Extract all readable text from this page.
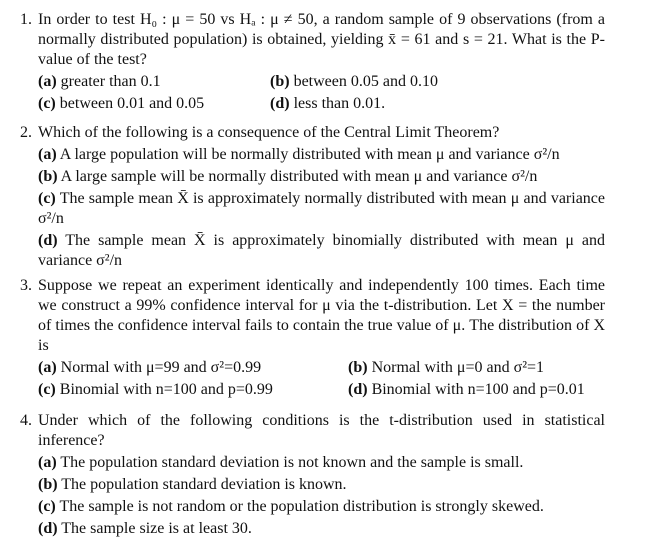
1. In order to test H₀ : μ = 50 vs Hₐ : μ ≠ 50, a random sample of 9 observations (from a normally distributed population) is obtained, yielding x̄ = 61 and s = 21. What is the P-value of the test?
(a) greater than 0.1	(b) between 0.05 and 0.10
(c) between 0.01 and 0.05	(d) less than 0.01.
2. Which of the following is a consequence of the Central Limit Theorem?
(a) A large population will be normally distributed with mean μ and variance σ²/n
(b) A large sample will be normally distributed with mean μ and variance σ²/n
(c) The sample mean X̄ is approximately normally distributed with mean μ and variance σ²/n
(d) The sample mean X̄ is approximately binomially distributed with mean μ and variance σ²/n
3. Suppose we repeat an experiment identically and independently 100 times. Each time we construct a 99% confidence interval for μ via the t-distribution. Let X = the number of times the confidence interval fails to contain the true value of μ. The distribution of X is
(a) Normal with μ=99 and σ²=0.99	(b) Normal with μ=0 and σ²=1
(c) Binomial with n=100 and p=0.99	(d) Binomial with n=100 and p=0.01
4. Under which of the following conditions is the t-distribution used in statistical inference?
(a) The population standard deviation is not known and the sample is small.
(b) The population standard deviation is known.
(c) The sample is not random or the population distribution is strongly skewed.
(d) The sample size is at least 30.
